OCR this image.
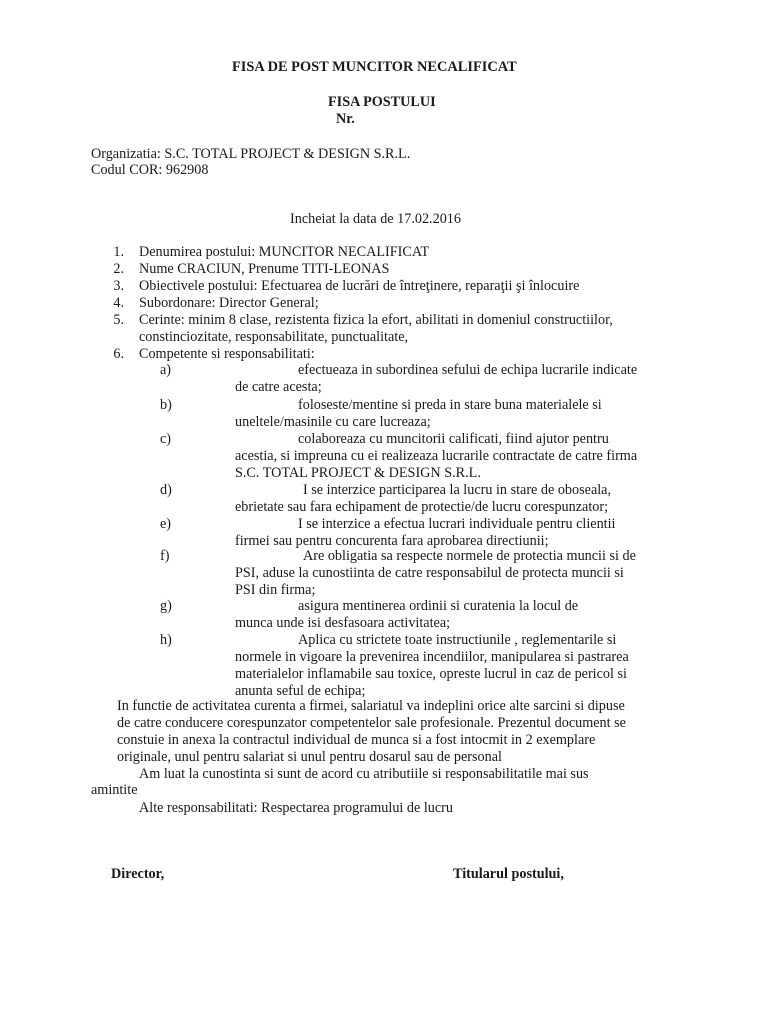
FISA DE POST MUNCITOR NECALIFICAT
FISA POSTULUI
Nr.
Organizatia: S.C. TOTAL PROJECT & DESIGN S.R.L.
Codul COR: 962908
Incheiat la data de 17.02.2016
1. Denumirea postului: MUNCITOR NECALIFICAT
2. Nume CRACIUN, Prenume TITI-LEONAS
3. Obiectivele postului: Efectuarea de lucrări de întreţinere, reparaţii şi înlocuire
4. Subordonare: Director General;
5. Cerinte: minim 8 clase, rezistenta fizica la efort, abilitati in domeniul constructiilor,
constinciozitate, responsabilitate, punctualitate,
6. Competente si responsabilitati:
a)	efectueaza in subordinea sefului de echipa lucrarile indicate
de catre acesta;
b)	foloseste/mentine si preda in stare buna materialele si
uneltele/masinile cu care lucreaza;
c)	colaboreaza cu muncitorii calificati, fiind ajutor pentru
acestia, si impreuna cu ei realizeaza lucrarile contractate de catre firma
S.C. TOTAL PROJECT & DESIGN S.R.L.
d)	I se interzice participarea la lucru in stare de oboseala,
ebrietate sau fara echipament de protectie/de lucru corespunzator;
e)	I se interzice a efectua lucrari individuale pentru clientii
firmei sau pentru concurenta fara aprobarea directiunii;
f)	Are obligatia sa respecte normele de protectia muncii si de
PSI, aduse la cunostiinta de catre responsabilul de protecta muncii si
PSI din firma;
g)	asigura mentinerea ordinii si curatenia la locul de
munca unde isi desfasoara activitatea;
h)	Aplica cu strictete toate instructiunile , reglementarile si
normele in vigoare la prevenirea incendiilor, manipularea si pastrarea
materialelor inflamabile sau toxice, opreste lucrul in caz de pericol si
anunta seful de echipa;
In functie de activitatea curenta a firmei, salariatul va indeplini orice alte sarcini si dipuse
de catre conducere corespunzator competentelor sale profesionale. Prezentul document se
constuie in anexa la contractul individual de munca si a fost intocmit in 2 exemplare
originale, unul pentru salariat si unul pentru dosarul sau de personal
Am luat la cunostinta si sunt de acord cu atributiile si responsabilitatile mai sus
amintite
Alte responsabilitati: Respectarea programului de lucru
Director,	Titularul postului,
